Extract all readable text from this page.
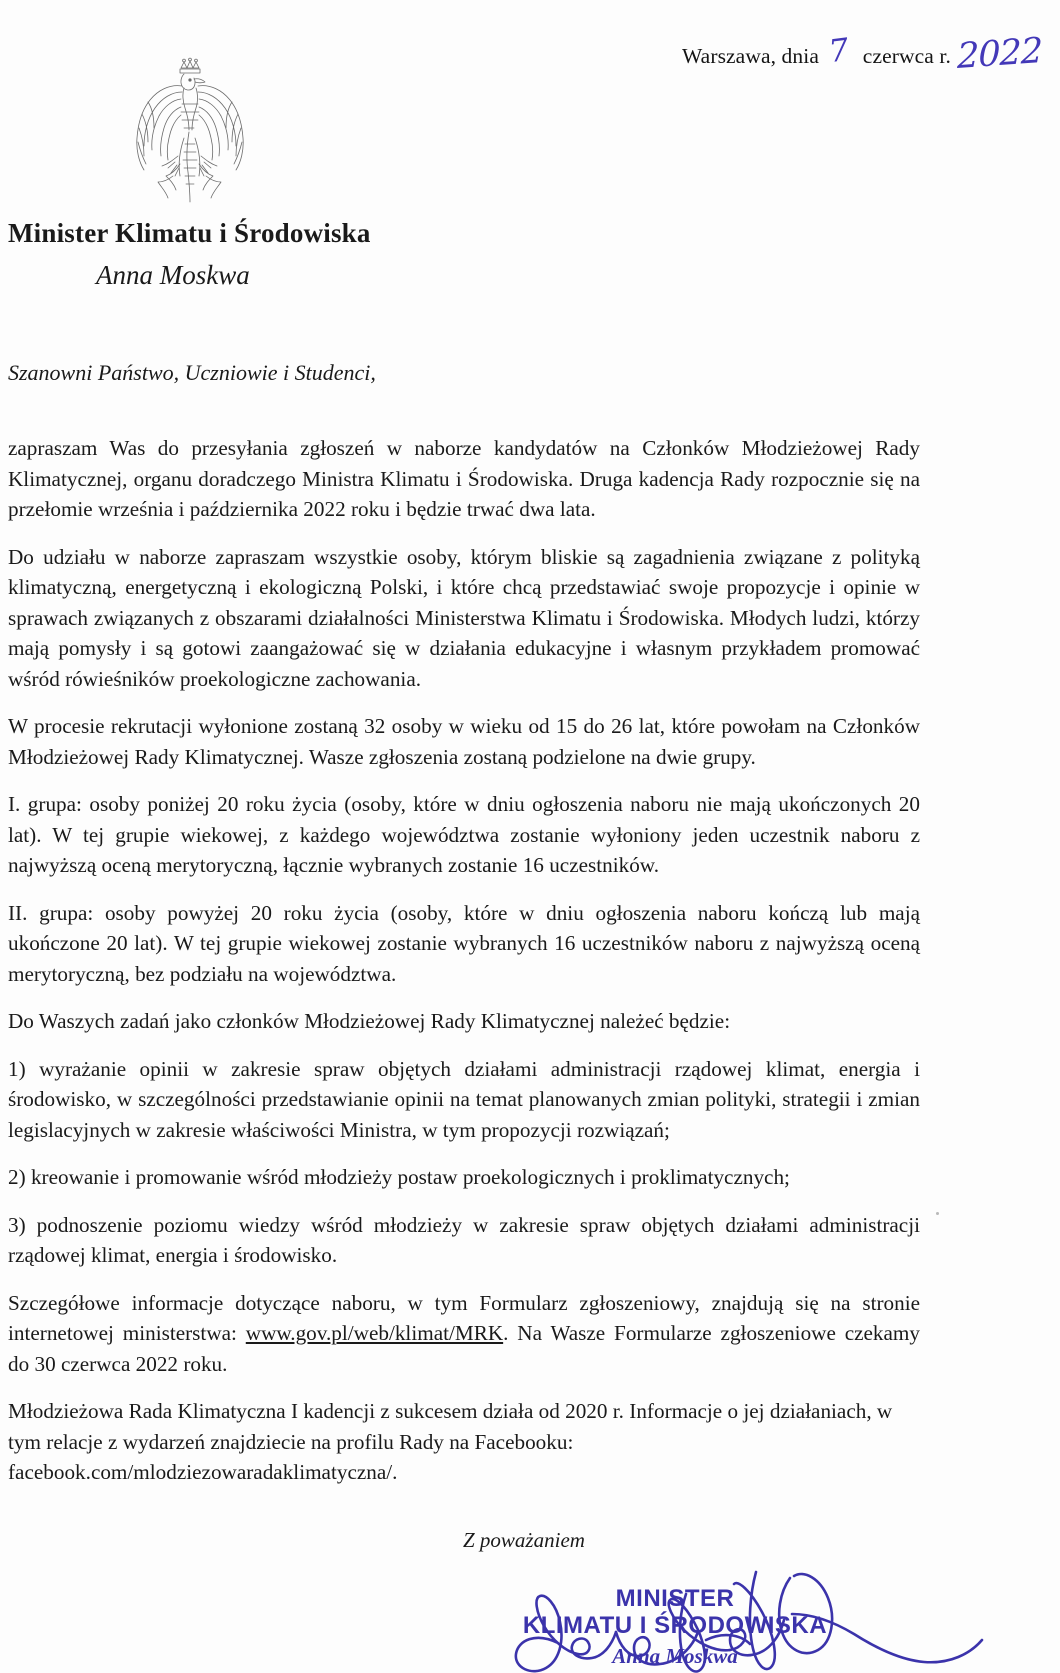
Warszawa, dnia 7 czerwca r. 2022
Minister Klimatu i Środowiska
Anna Moskwa
Szanowni Państwo, Uczniowie i Studenci,

zapraszam Was do przesyłania zgłoszeń w naborze kandydatów na Członków Młodzieżowej Rady Klimatycznej, organu doradczego Ministra Klimatu i Środowiska. Druga kadencja Rady rozpocznie się na przełomie września i października 2022 roku i będzie trwać dwa lata.

Do udziału w naborze zapraszam wszystkie osoby, którym bliskie są zagadnienia związane z polityką klimatyczną, energetyczną i ekologiczną Polski, i które chcą przedstawiać swoje propozycje i opinie w sprawach związanych z obszarami działalności Ministerstwa Klimatu i Środowiska. Młodych ludzi, którzy mają pomysły i są gotowi zaangażować się w działania edukacyjne i własnym przykładem promować wśród rówieśników proekologiczne zachowania.

W procesie rekrutacji wyłonione zostaną 32 osoby w wieku od 15 do 26 lat, które powołam na Członków Młodzieżowej Rady Klimatycznej. Wasze zgłoszenia zostaną podzielone na dwie grupy.

I. grupa: osoby poniżej 20 roku życia (osoby, które w dniu ogłoszenia naboru nie mają ukończonych 20 lat). W tej grupie wiekowej, z każdego województwa zostanie wyłoniony jeden uczestnik naboru z najwyższą oceną merytoryczną, łącznie wybranych zostanie 16 uczestników.

II. grupa: osoby powyżej 20 roku życia (osoby, które w dniu ogłoszenia naboru kończą lub mają ukończone 20 lat). W tej grupie wiekowej zostanie wybranych 16 uczestników naboru z najwyższą oceną merytoryczną, bez podziału na województwa.

Do Waszych zadań jako członków Młodzieżowej Rady Klimatycznej należeć będzie:

1) wyrażanie opinii w zakresie spraw objętych działami administracji rządowej klimat, energia i środowisko, w szczególności przedstawianie opinii na temat planowanych zmian polityki, strategii i zmian legislacyjnych w zakresie właściwości Ministra, w tym propozycji rozwiązań;

2) kreowanie i promowanie wśród młodzieży postaw proekologicznych i proklimatycznych;

3) podnoszenie poziomu wiedzy wśród młodzieży w zakresie spraw objętych działami administracji rządowej klimat, energia i środowisko.

Szczegółowe informacje dotyczące naboru, w tym Formularz zgłoszeniowy, znajdują się na stronie internetowej ministerstwa: www.gov.pl/web/klimat/MRK. Na Wasze Formularze zgłoszeniowe czekamy do 30 czerwca 2022 roku.

Młodzieżowa Rada Klimatyczna I kadencji z sukcesem działa od 2020 r. Informacje o jej działaniach, w tym relacje z wydarzeń znajdziecie na profilu Rady na Facebooku: facebook.com/mlodziezowaradaklimatyczna/.

Z poważaniem
MINISTER
KLIMATU I ŚRODOWISKA
Anna Moskwa
